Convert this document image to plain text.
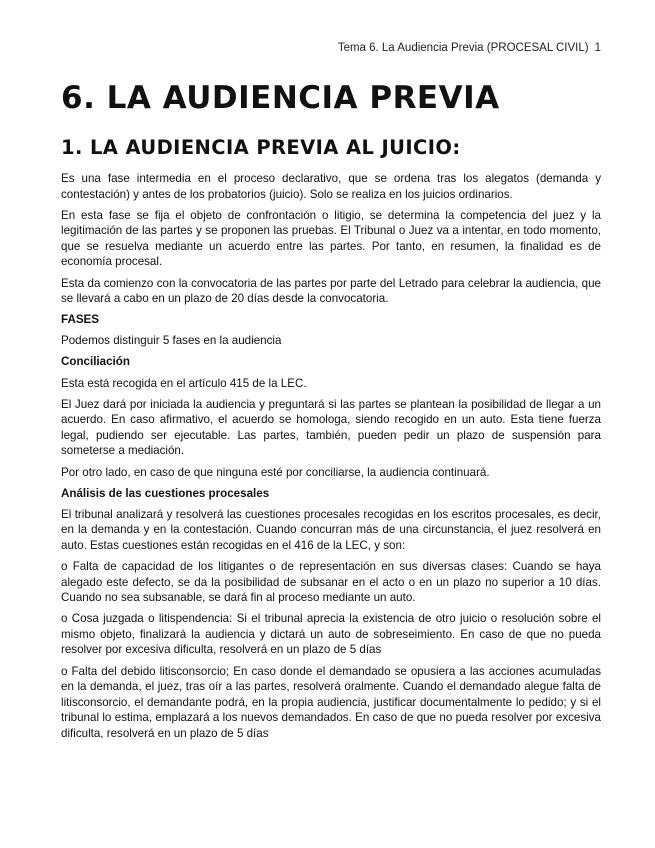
Tema 6. La Audiencia Previa (PROCESAL CIVIL) 1
6. LA AUDIENCIA PREVIA
1. LA AUDIENCIA PREVIA AL JUICIO:

Es una fase intermedia en el proceso declarativo, que se ordena tras los alegatos (demanda y contestación) y antes de los probatorios (juicio). Solo se realiza en los juicios ordinarios.

En esta fase se fija el objeto de confrontación o litigio, se determina la competencia del juez y la legitimación de las partes y se proponen las pruebas. El Tribunal o Juez va a intentar, en todo momento, que se resuelva mediante un acuerdo entre las partes. Por tanto, en resumen, la finalidad es de economía procesal.

Esta da comienzo con la convocatoria de las partes por parte del Letrado para celebrar la audiencia, que se llevará a cabo en un plazo de 20 días desde la convocatoria.

FASES

Podemos distinguir 5 fases en la audiencia

Conciliación

Esta está recogida en el artículo 415 de la LEC.

El Juez dará por iniciada la audiencia y preguntará si las partes se plantean la posibilidad de llegar a un acuerdo. En caso afirmativo, el acuerdo se homologa, siendo recogido en un auto. Esta tiene fuerza legal, pudiendo ser ejecutable. Las partes, también, pueden pedir un plazo de suspensión para someterse a mediación.

Por otro lado, en caso de que ninguna esté por conciliarse, la audiencia continuará.

Análisis de las cuestiones procesales

El tribunal analizará y resolverá las cuestiones procesales recogidas en los escritos procesales, es decir, en la demanda y en la contestación. Cuando concurran más de una circunstancia, el juez resolverá en auto. Estas cuestiones están recogidas en el 416 de la LEC, y son:

o Falta de capacidad de los litigantes o de representación en sus diversas clases: Cuando se haya alegado este defecto, se da la posibilidad de subsanar en el acto o en un plazo no superior a 10 días. Cuando no sea subsanable, se dará fin al proceso mediante un auto.

o Cosa juzgada o litispendencia: Si el tribunal aprecia la existencia de otro juicio o resolución sobre el mismo objeto, finalizará la audiencia y dictará un auto de sobreseimiento. En caso de que no pueda resolver por excesiva dificulta, resolverá en un plazo de 5 días

o Falta del debido litisconsorcio; En caso donde el demandado se opusiera a las acciones acumuladas en la demanda, el juez, tras oír a las partes, resolverá oralmente. Cuando el demandado alegue falta de litisconsorcio, el demandante podrá, en la propia audiencia, justificar documentalmente lo pedido; y si el tribunal lo estima, emplazará a los nuevos demandados. En caso de que no pueda resolver por excesiva dificulta, resolverá en un plazo de 5 días
